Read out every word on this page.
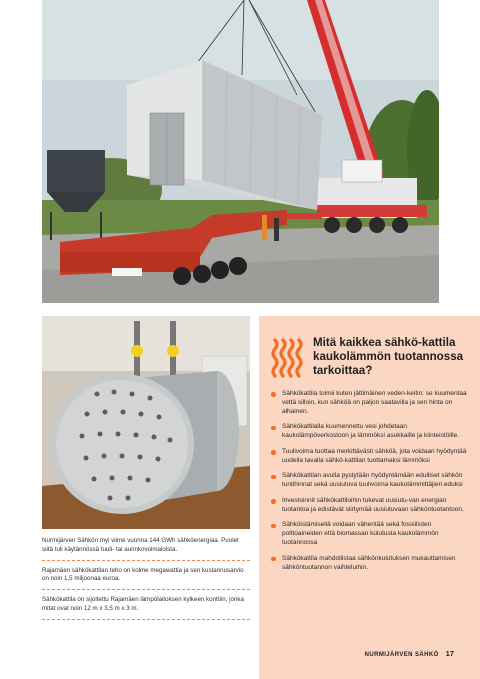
Nurmijärven Sähkön myi viime vuonna 144 GWh sähköenergiaa. Puolet siitä tuli käytännössä tuuli- tai aurinkovoimaloista.

Rajamäen sähkökattilan teho on kolme megawattia ja sen kustannusarvio on noin 1,5 miljoonaa euroa.

Sähkökattila on sijoitettu Rajamäen lämpölaitoksen kylkeen konttiin, jonka mitat ovat noin 12 m x 3,5 m x 3 m.

Mitä kaikkea sähkö-kattila kaukolämmön tuotannossa tarkoittaa?
Sähkökattila toimii kuten jättimäinen veden-keitin: se kuumentaa vettä silloin, kun sähköä on paljon saatavilla ja sen hinta on alhainen.
Sähkökattilalla kuumennettu vesi johdetaan kaukolämpöverkostoon ja lämmöksi asukkaille ja kiinteistöille.
Tuulivoima tuottaa merkittävästi sähköä, jota voidaan hyödyntää uudella tavalla sähkö-kattilan tuottamaksi lämmöksi
Sähkökattilan avulla pystytään hyödyntämään edulliset sähkön tuntihinnat sekä uusiutuva tuulivoima kaukolämmittäjien eduksi
Investoinnit sähkökattiloihin tukevat uusiutu-van energian tuotantoa ja edistävät siirtymää uusiutuvaan sähköntuotantoon.
Sähköistämisellä voidaan vähentää sekä fossiilisten polttoaineiden että biomassan kulutusta kaukolämmön tuotannossa
Sähkökattila mahdollistaa sähkönkulutuksen mukauttamisen sähköntuotannon vaihteluihin.
NURMIJÄRVEN SÄHKÖ 17
